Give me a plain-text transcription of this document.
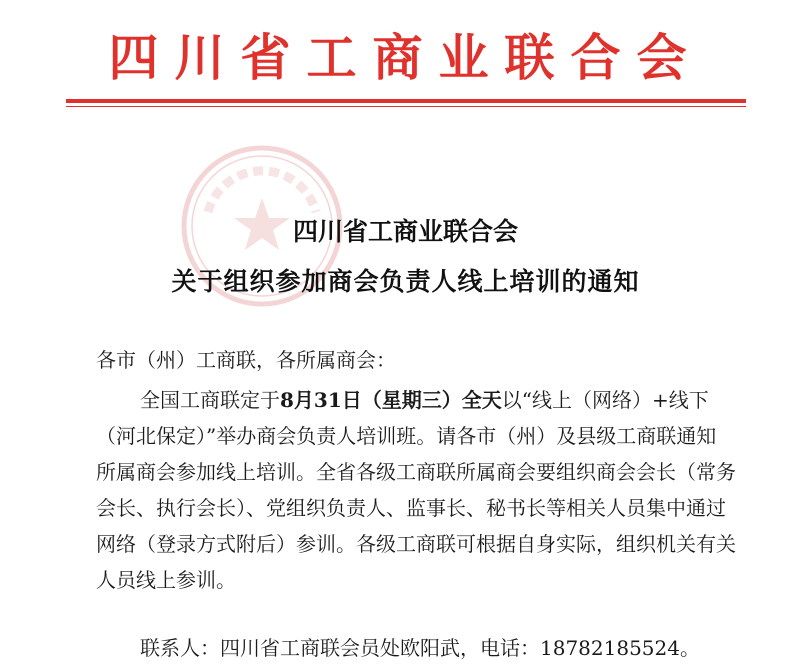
四川省工商业联合会
四川省工商业联合会
关于组织参加商会负责人线上培训的通知
各市（州）工商联，各所属商会：
全国工商联定于8月31日（星期三）全天以“线上（网络）+线下（河北保定）”举办商会负责人培训班。请各市（州）及县级工商联通知所属商会参加线上培训。全省各级工商联所属商会要组织商会会长（常务会长、执行会长）、党组织负责人、监事长、秘书长等相关人员集中通过网络（登录方式附后）参训。各级工商联可根据自身实际，组织机关有关人员线上参训。
联系人：四川省工商联会员处欧阳武，电话：18782185524。
